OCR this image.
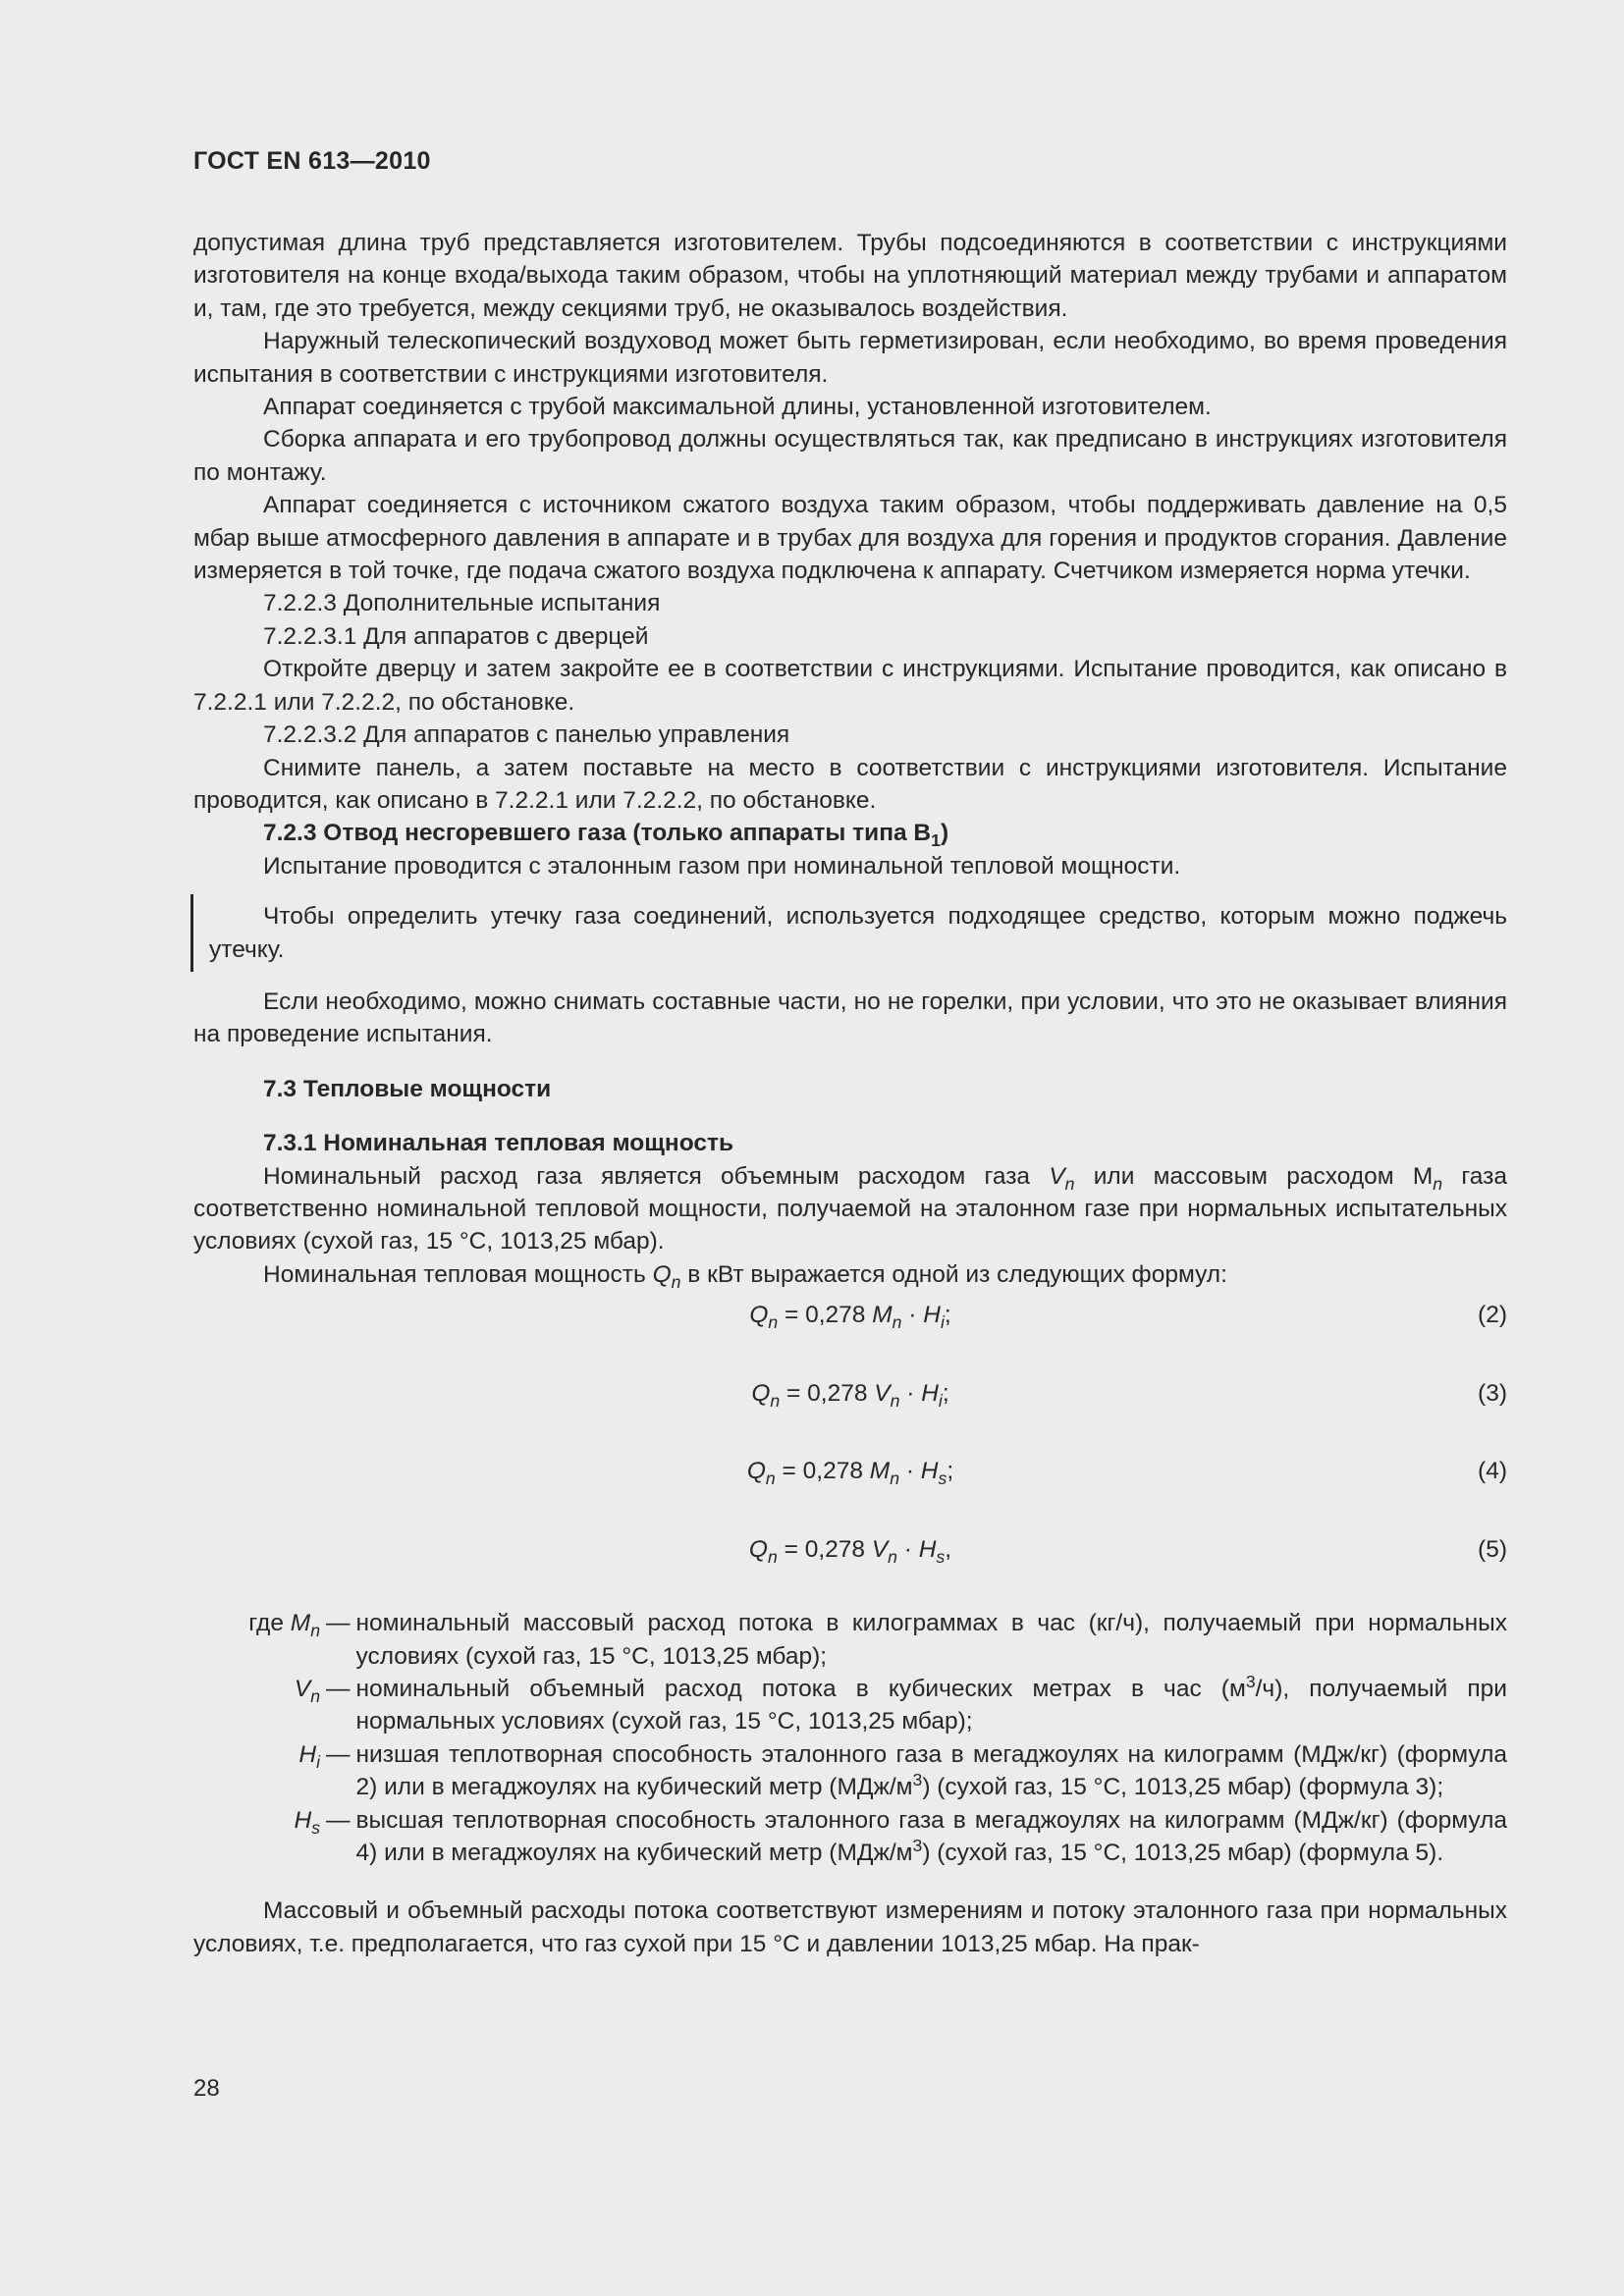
ГОСТ EN 613—2010

допустимая длина труб представляется изготовителем. Трубы подсоединяются в соответствии с инструкциями изготовителя на конце входа/выхода таким образом, чтобы на уплотняющий материал между трубами и аппаратом и, там, где это требуется, между секциями труб, не оказывалось воздействия.

Наружный телескопический воздуховод может быть герметизирован, если необходимо, во время проведения испытания в соответствии с инструкциями изготовителя.

Аппарат соединяется с трубой максимальной длины, установленной изготовителем.

Сборка аппарата и его трубопровод должны осуществляться так, как предписано в инструкциях изготовителя по монтажу.

Аппарат соединяется с источником сжатого воздуха таким образом, чтобы поддерживать давление на 0,5 мбар выше атмосферного давления в аппарате и в трубах для воздуха для горения и продуктов сгорания. Давление измеряется в той точке, где подача сжатого воздуха подключена к аппарату. Счетчиком измеряется норма утечки.

7.2.2.3 Дополнительные испытания

7.2.2.3.1 Для аппаратов с дверцей

Откройте дверцу и затем закройте ее в соответствии с инструкциями. Испытание проводится, как описано в 7.2.2.1 или 7.2.2.2, по обстановке.

7.2.2.3.2 Для аппаратов с панелью управления

Снимите панель, а затем поставьте на место в соответствии с инструкциями изготовителя. Испытание проводится, как описано в 7.2.2.1 или 7.2.2.2, по обстановке.

7.2.3 Отвод несгоревшего газа (только аппараты типа $B_1$)

Испытание проводится с эталонным газом при номинальной тепловой мощности.

Чтобы определить утечку газа соединений, используется подходящее средство, которым можно поджечь утечку.

Если необходимо, можно снимать составные части, но не горелки, при условии, что это не оказывает влияния на проведение испытания.

7.3 Тепловые мощности

7.3.1 Номинальная тепловая мощность

Номинальный расход газа является объемным расходом газа $V_n$ или массовым расходом $M_n$ газа соответственно номинальной тепловой мощности, получаемой на эталонном газе при нормальных испытательных условиях (сухой газ, 15 °С, 1013,25 мбар).

Номинальная тепловая мощность $Q_n$ в кВт выражается одной из следующих формул:

$Q_n = 0,278$ $M_n \cdot H_i$;	(2)
$Q_n = 0,278$ $V_n \cdot H_i$;	(3)
$Q_n = 0,278$ $M_n \cdot H_s$;	(4)
$Q_n = 0,278$ $V_n \cdot H_s$,	(5)
где $M_n$ — номинальный массовый расход потока в килограммах в час (кг/ч), получаемый при нормальных условиях (сухой газ, 15 °С, 1013,25 мбар);
$V_n$ — номинальный объемный расход потока в кубических метрах в час $(м^3/ч)$, получаемый при нормальных условиях (сухой газ, 15 °С, 1013,25 мбар);
$H_i$ — низшая теплотворная способность эталонного газа в мегаджоулях на килограмм (МДж/кг) (формула 2) или в мегаджоулях на кубический метр $(МДж/м^3)$ (сухой газ, 15 °С, 1013,25 мбар) (формула 3);
$H_s$ — высшая теплотворная способность эталонного газа в мегаджоулях на килограмм (МДж/кг) (формула 4) или в мегаджоулях на кубический метр $(МДж/м^3)$ (сухой газ, 15 °С, 1013,25 мбар) (формула 5).

Массовый и объемный расходы потока соответствуют измерениям и потоку эталонного газа при нормальных условиях, т.е. предполагается, что газ сухой при 15 °С и давлении 1013,25 мбар. На прак-

28
